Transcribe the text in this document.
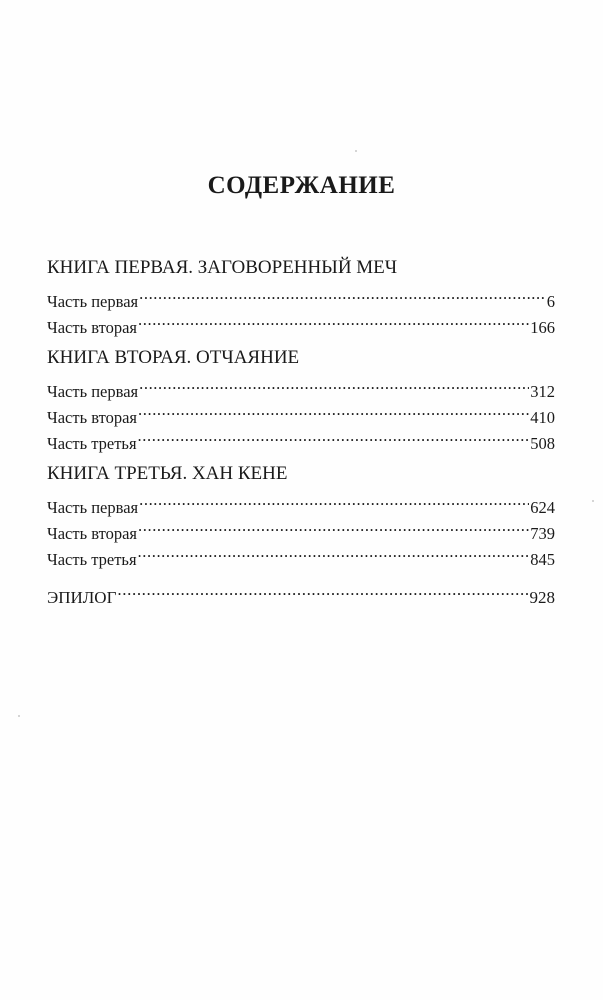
СОДЕРЖАНИЕ
КНИГА ПЕРВАЯ. ЗАГОВОРЕННЫЙ МЕЧ
Часть первая .....	6
Часть вторая .....	166
КНИГА ВТОРАЯ. ОТЧАЯНИЕ
Часть первая .....	312
Часть вторая .....	410
Часть третья .....	508
КНИГА ТРЕТЬЯ. ХАН КЕНЕ
Часть первая .....	624
Часть вторая .....	739
Часть третья .....	845
ЭПИЛОГ .....	928
